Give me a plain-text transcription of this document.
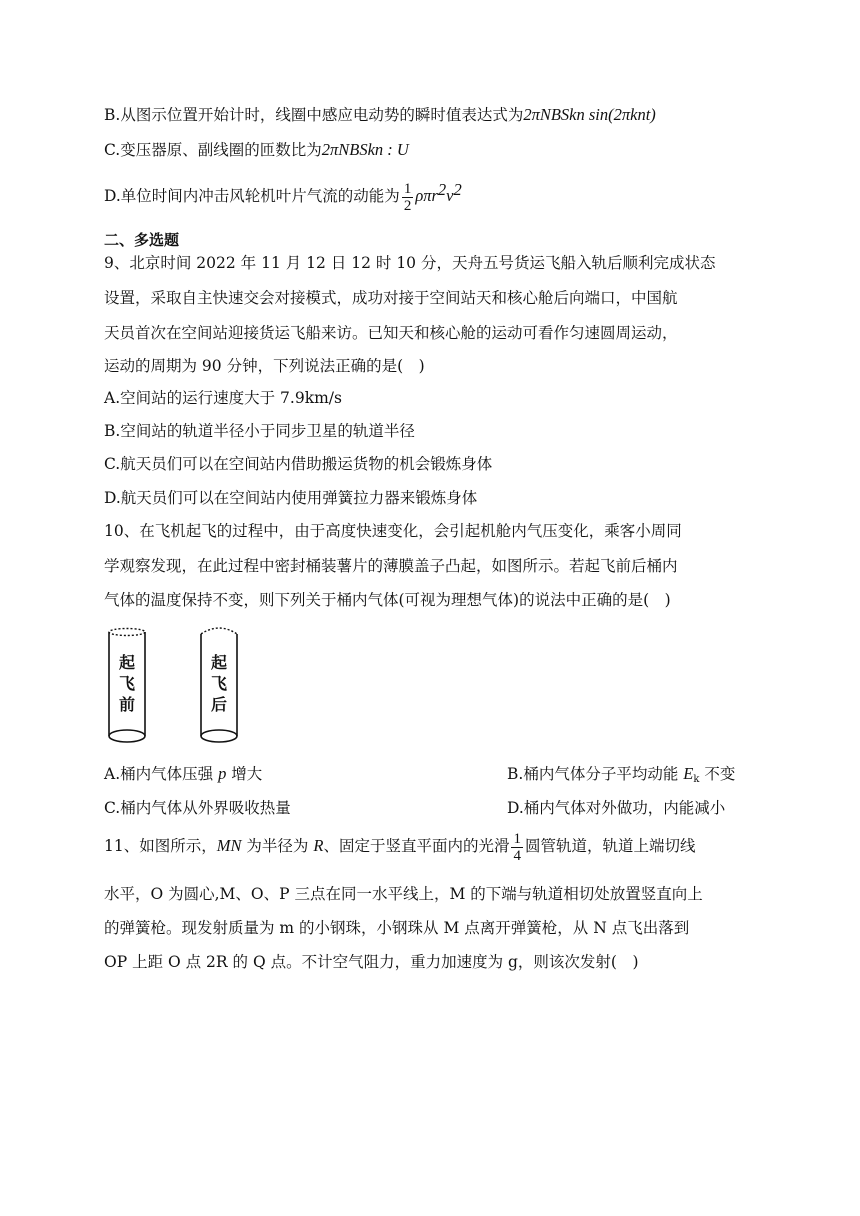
B.从图示位置开始计时，线圈中感应电动势的瞬时值表达式为2πNBSkn sin(2πknt)
C.变压器原、副线圈的匝数比为2πNBSkn : U
D.单位时间内冲击风轮机叶片气流的动能为 $\frac{1}{2} \rho\pi r^2v^2$
二、多选题
9、北京时间 2022 年 11 月 12 日 12 时 10 分，天舟五号货运飞船入轨后顺利完成状态
设置，采取自主快速交会对接模式，成功对接于空间站天和核心舱后向端口，中国航
天员首次在空间站迎接货运飞船来访。已知天和核心舱的运动可看作匀速圆周运动，
运动的周期为 90 分钟，下列说法正确的是(　)
A.空间站的运行速度大于 7.9km/s
B.空间站的轨道半径小于同步卫星的轨道半径
C.航天员们可以在空间站内借助搬运货物的机会锻炼身体
D.航天员们可以在空间站内使用弹簧拉力器来锻炼身体
10、在飞机起飞的过程中，由于高度快速变化，会引起机舱内气压变化，乘客小周同
学观察发现，在此过程中密封桶装薯片的薄膜盖子凸起，如图所示。若起飞前后桶内
气体的温度保持不变，则下列关于桶内气体(可视为理想气体)的说法中正确的是(　)
起
飞
前
起
飞
后
A.桶内气体压强 p 增大	B.桶内气体分子平均动能 $E_k$ 不变
C.桶内气体从外界吸收热量	D.桶内气体对外做功，内能减小
11、如图所示，MN 为半径为 R、固定于竖直平面内的光滑 $\frac{1}{4}$ 圆管轨道，轨道上端切线
水平，O 为圆心,M、O、P 三点在同一水平线上，M 的下端与轨道相切处放置竖直向上
的弹簧枪。现发射质量为 m 的小钢珠，小钢珠从 M 点离开弹簧枪，从 N 点飞出落到
OP 上距 O 点 2R 的 Q 点。不计空气阻力，重力加速度为 g，则该次发射(　)
